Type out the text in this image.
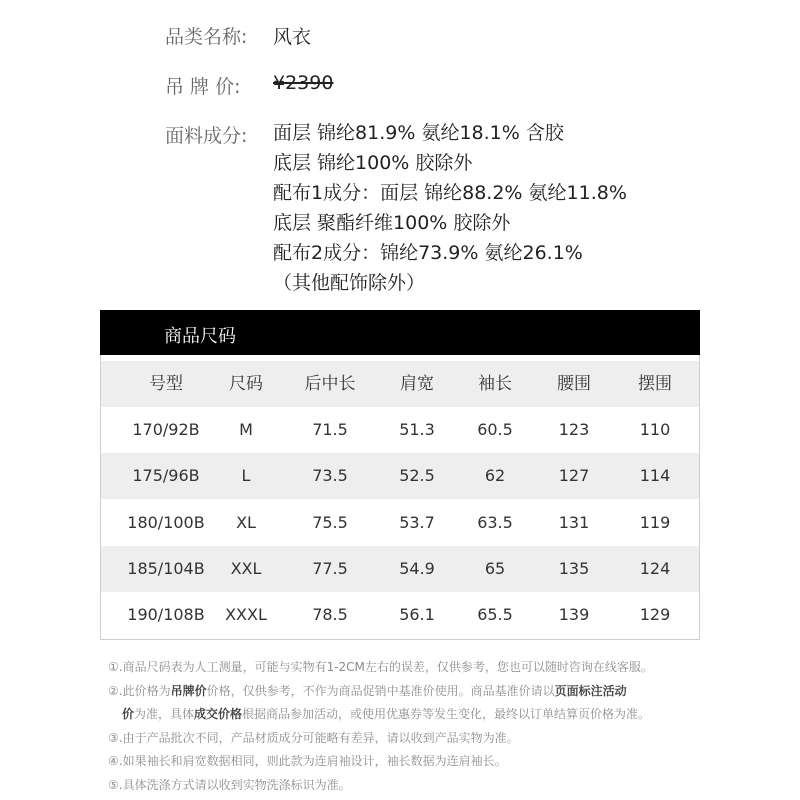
品类名称: 风衣
吊 牌 价: ¥2390
面料成分: 面层 锦纶81.9% 氨纶18.1% 含胶
底层 锦纶100% 胶除外
配布1成分：面层 锦纶88.2% 氨纶11.8%
底层 聚酯纤维100% 胶除外
配布2成分：锦纶73.9% 氨纶26.1%
（其他配饰除外）
商品尺码
号型	尺码	后中长	肩宽	袖长	腰围	摆围
170/92B	M	71.5	51.3	60.5	123	110
175/96B	L	73.5	52.5	62	127	114
180/100B	XL	75.5	53.7	63.5	131	119
185/104B	XXL	77.5	54.9	65	135	124
190/108B	XXXL	78.5	56.1	65.5	139	129
①.商品尺码表为人工测量，可能与实物有1-2CM左右的误差，仅供参考，您也可以随时咨询在线客服。
②.此价格为吊牌价价格，仅供参考，不作为商品促销中基准价使用。商品基准价请以页面标注活动
价为准，具体成交价格根据商品参加活动，或使用优惠券等发生变化，最终以订单结算页价格为准。
③.由于产品批次不同，产品材质成分可能略有差异，请以收到产品实物为准。
④.如果袖长和肩宽数据相同，则此款为连肩袖设计，袖长数据为连肩袖长。
⑤.具体洗涤方式请以收到实物洗涤标识为准。
